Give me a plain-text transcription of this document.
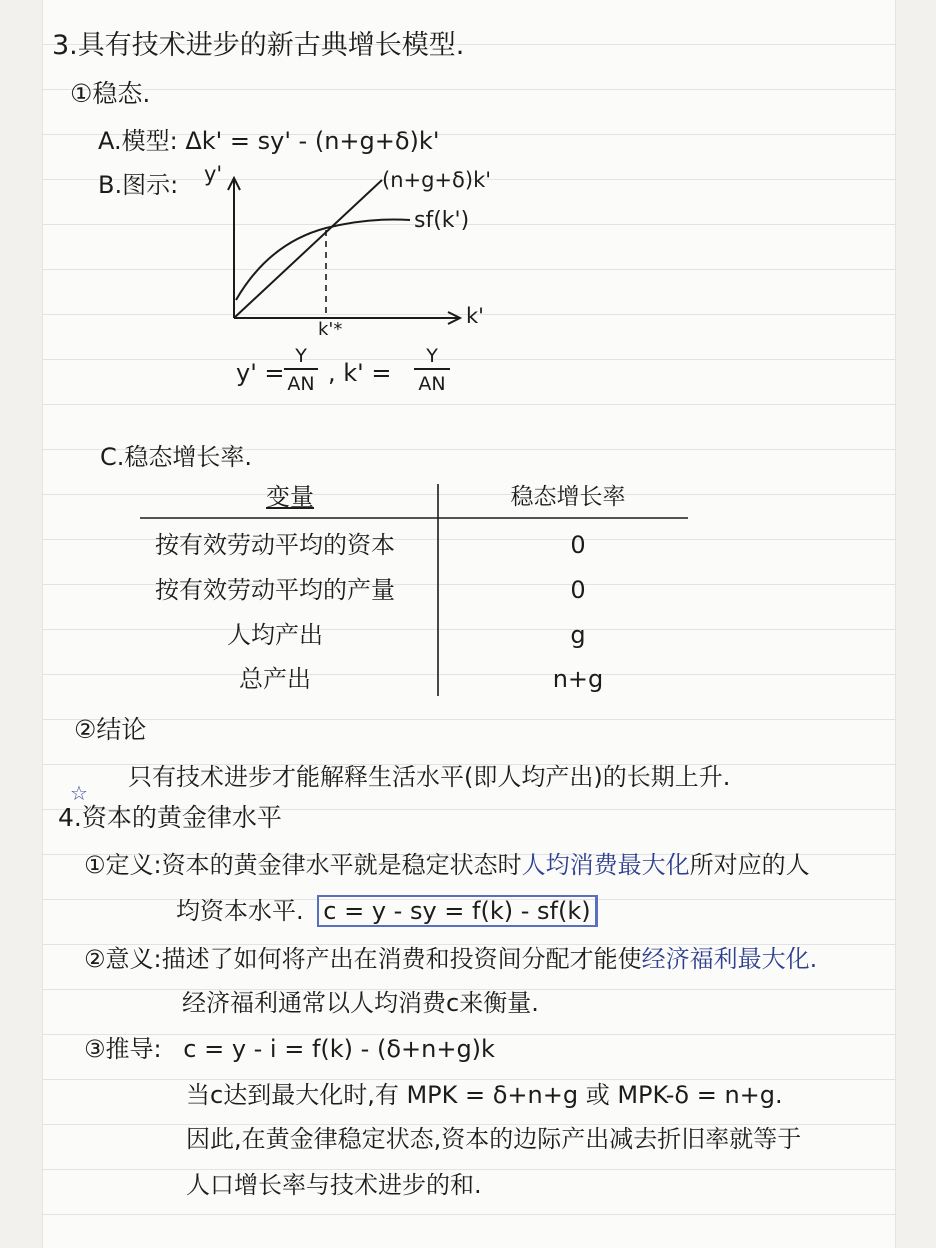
3.具有技术进步的新古典增长模型.
①稳态.
A.模型: Δk' = sy' - (n+g+δ)k'
B.图示: y'
k'
(n+g+δ)k'
sf(k')
k'*
y' =
Y
AN , k' =
Y
AN
C.稳态增长率.
变量	稳态增长率
按有效劳动平均的资本	0
按有效劳动平均的产量	0
人均产出	g
总产出	n+g
②结论
只有技术进步才能解释生活水平(即人均产出)的长期上升.
☆
4.资本的黄金律水平
①定义:资本的黄金律水平就是稳定状态时人均消费最大化所对应的人
均资本水平. c = y - sy = f(k) - sf(k)
②意义:描述了如何将产出在消费和投资间分配才能使经济福利最大化.
经济福利通常以人均消费c来衡量.
③推导: c = y - i = f(k) - (δ+n+g)k
当c达到最大化时,有 MPK = δ+n+g 或 MPK-δ = n+g.
因此,在黄金律稳定状态,资本的边际产出减去折旧率就等于
人口增长率与技术进步的和.
